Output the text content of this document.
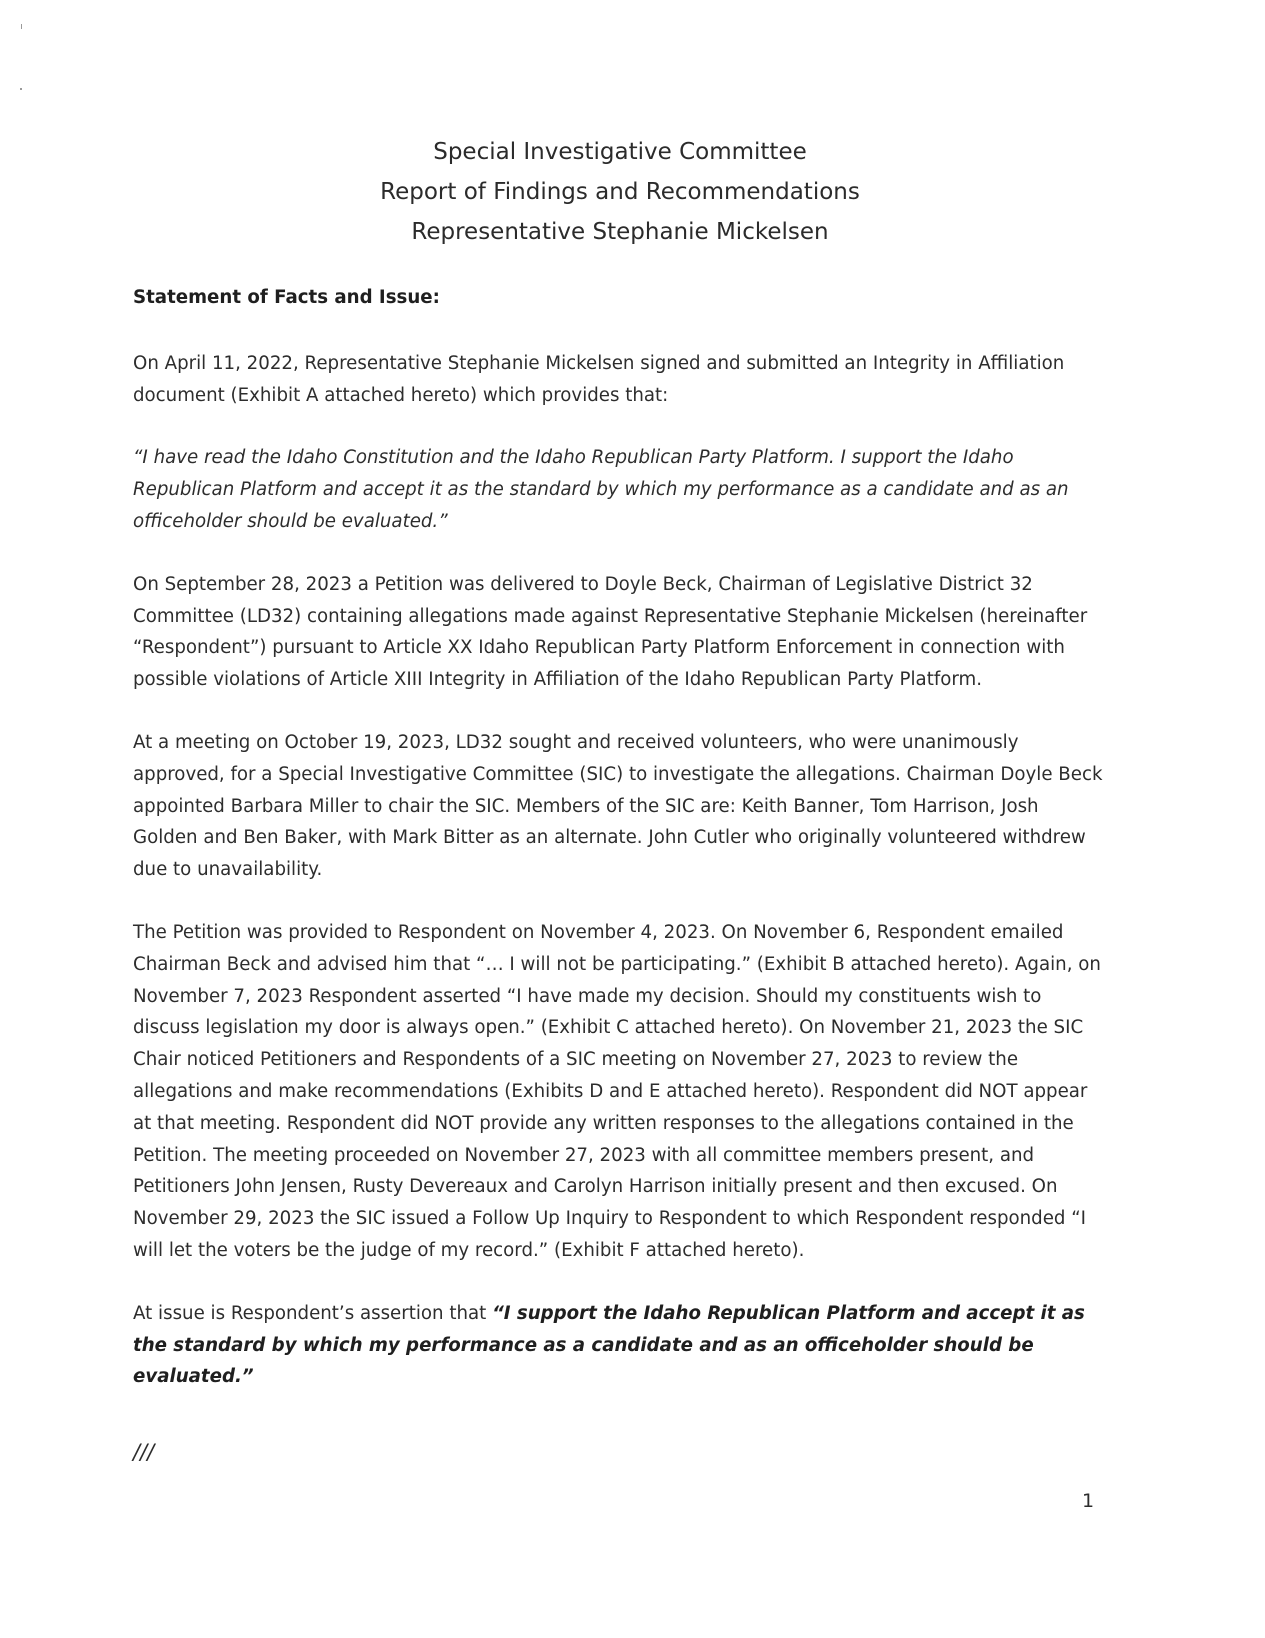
Special Investigative Committee
Report of Findings and Recommendations
Representative Stephanie Mickelsen
Statement of Facts and Issue:

On April 11, 2022, Representative Stephanie Mickelsen signed and submitted an Integrity in Affiliation document (Exhibit A attached hereto) which provides that:

“I have read the Idaho Constitution and the Idaho Republican Party Platform. I support the Idaho Republican Platform and accept it as the standard by which my performance as a candidate and as an officeholder should be evaluated.”

On September 28, 2023 a Petition was delivered to Doyle Beck, Chairman of Legislative District 32 Committee (LD32) containing allegations made against Representative Stephanie Mickelsen (hereinafter “Respondent”) pursuant to Article XX Idaho Republican Party Platform Enforcement in connection with possible violations of Article XIII Integrity in Affiliation of the Idaho Republican Party Platform.

At a meeting on October 19, 2023, LD32 sought and received volunteers, who were unanimously approved, for a Special Investigative Committee (SIC) to investigate the allegations. Chairman Doyle Beck appointed Barbara Miller to chair the SIC. Members of the SIC are: Keith Banner, Tom Harrison, Josh Golden and Ben Baker, with Mark Bitter as an alternate. John Cutler who originally volunteered withdrew due to unavailability.

The Petition was provided to Respondent on November 4, 2023. On November 6, Respondent emailed Chairman Beck and advised him that “… I will not be participating.” (Exhibit B attached hereto). Again, on November 7, 2023 Respondent asserted “I have made my decision. Should my constituents wish to discuss legislation my door is always open.” (Exhibit C attached hereto). On November 21, 2023 the SIC Chair noticed Petitioners and Respondents of a SIC meeting on November 27, 2023 to review the allegations and make recommendations (Exhibits D and E attached hereto). Respondent did NOT appear at that meeting. Respondent did NOT provide any written responses to the allegations contained in the Petition. The meeting proceeded on November 27, 2023 with all committee members present, and Petitioners John Jensen, Rusty Devereaux and Carolyn Harrison initially present and then excused. On November 29, 2023 the SIC issued a Follow Up Inquiry to Respondent to which Respondent responded “I will let the voters be the judge of my record.” (Exhibit F attached hereto).

At issue is Respondent’s assertion that “I support the Idaho Republican Platform and accept it as the standard by which my performance as a candidate and as an officeholder should be evaluated.”

///
1
